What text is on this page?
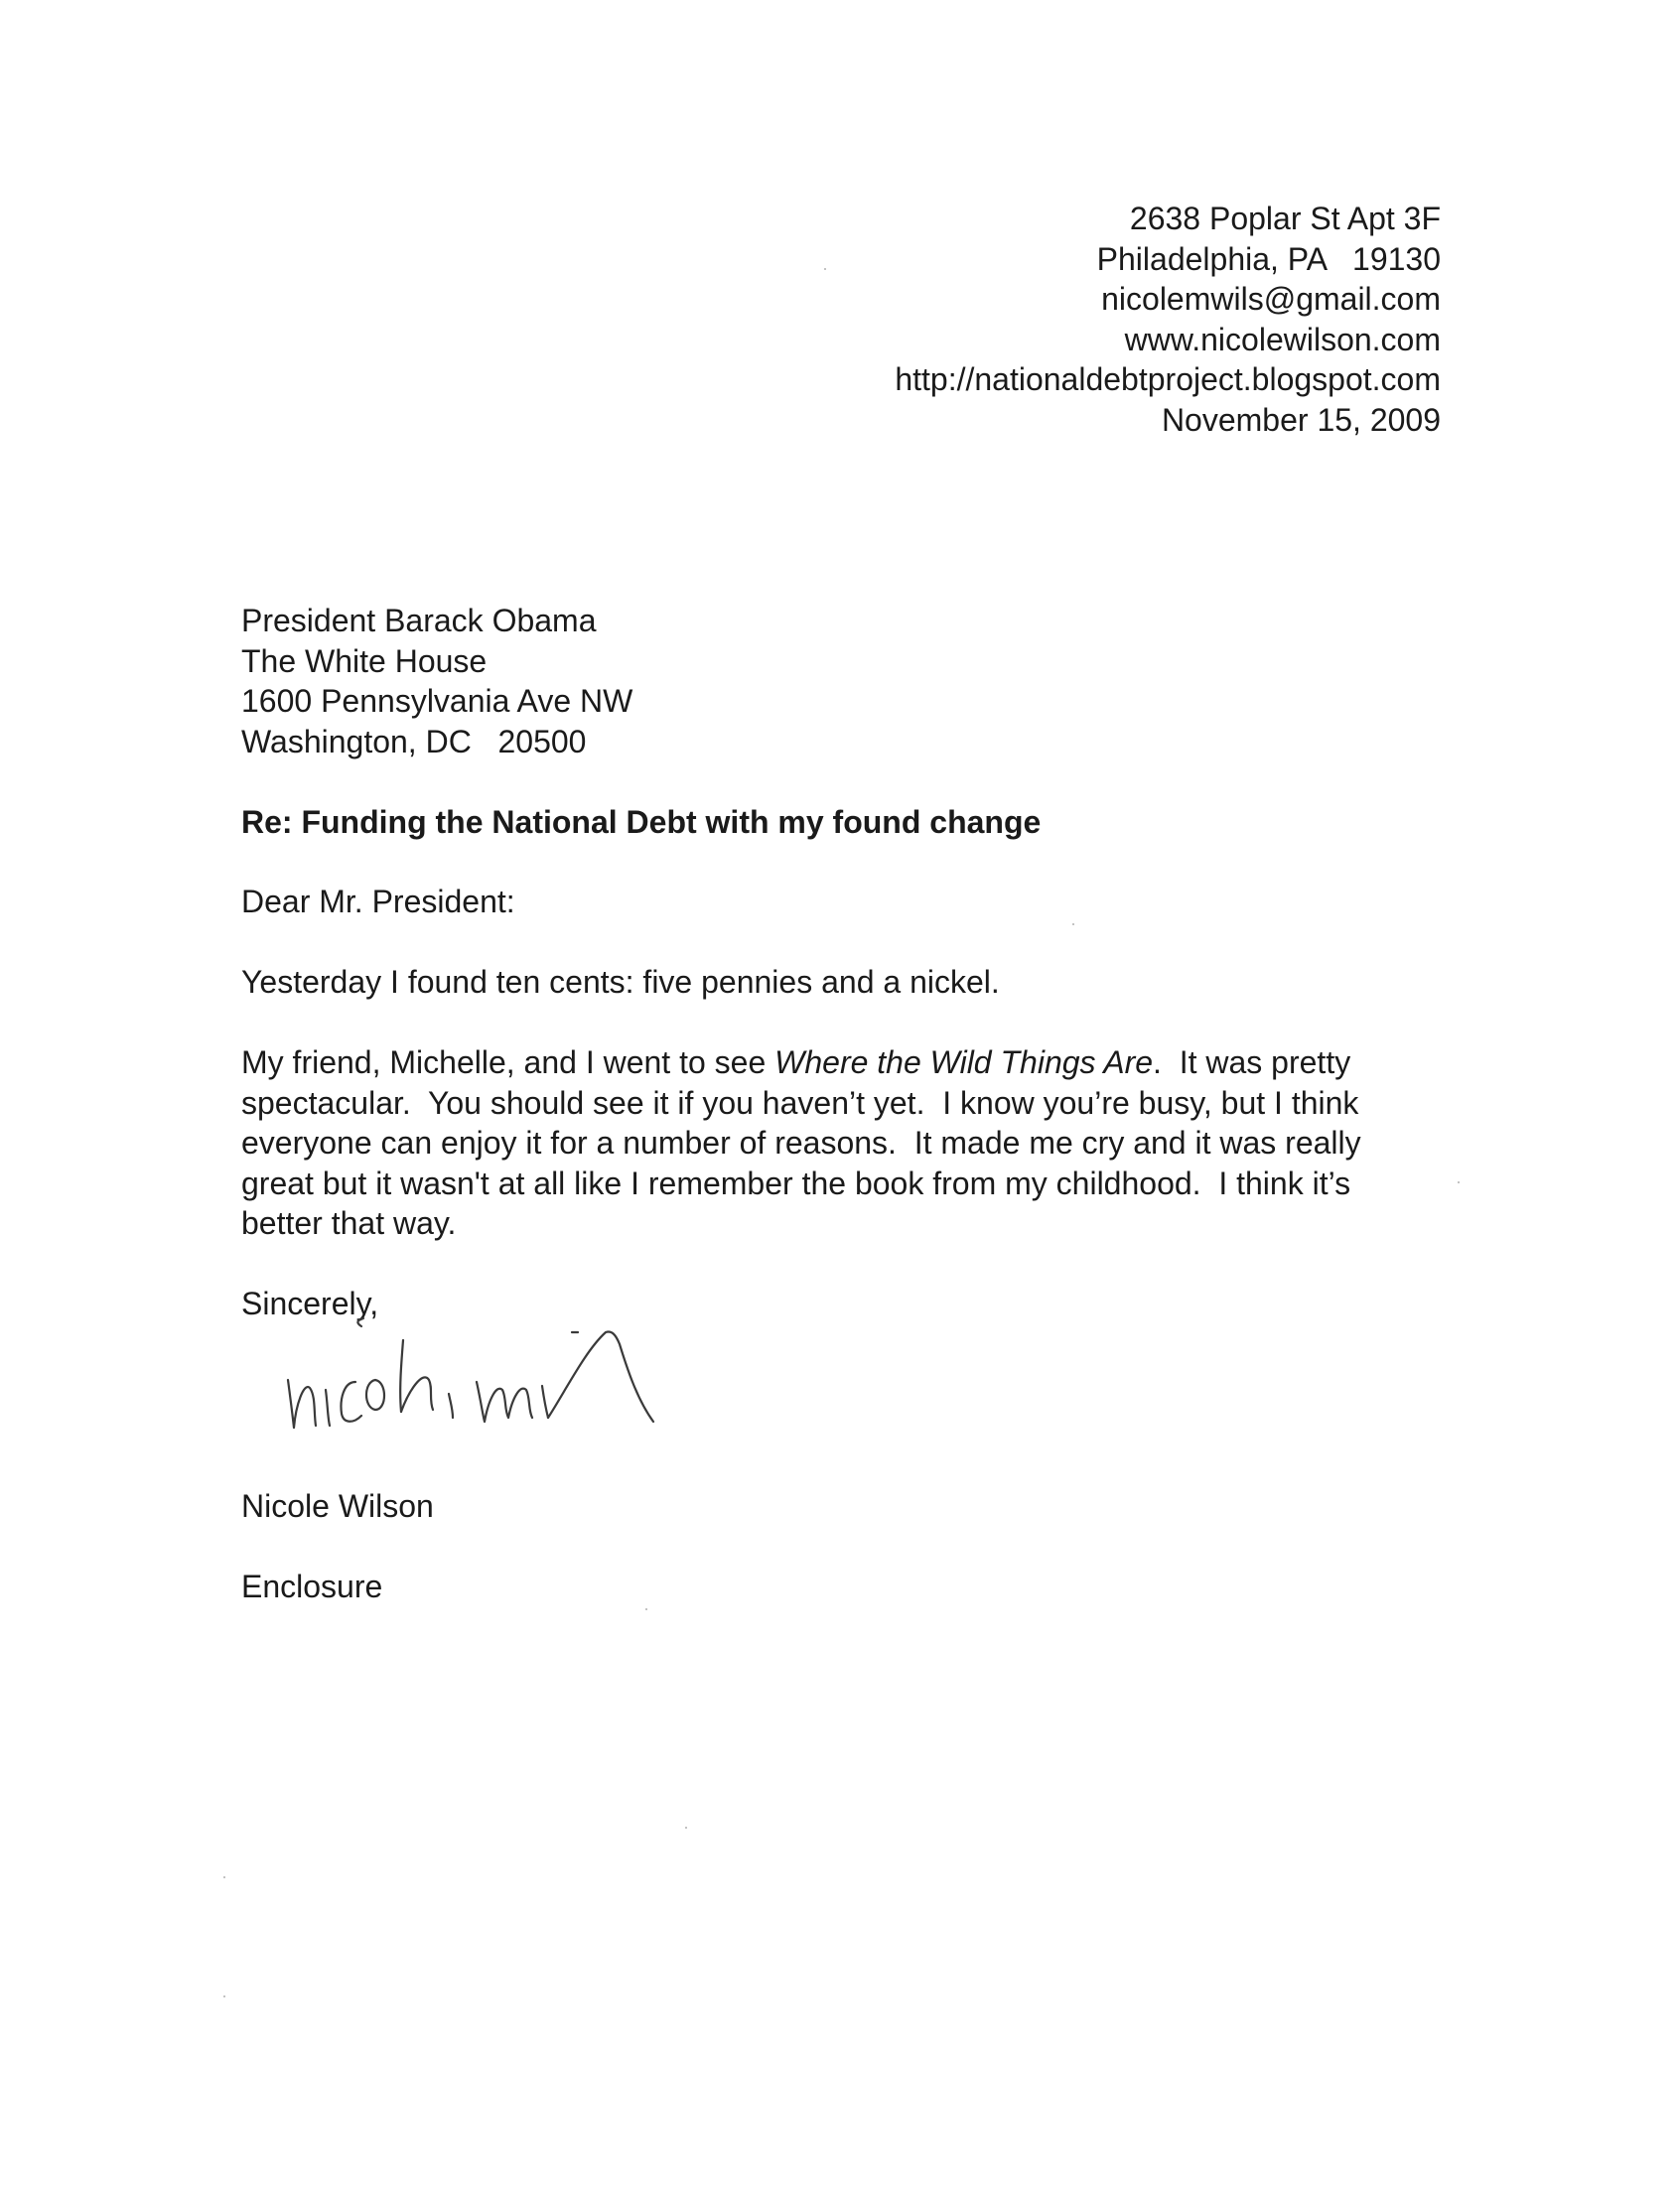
2638 Poplar St Apt 3F
Philadelphia, PA   19130
nicolemwils@gmail.com
www.nicolewilson.com
http://nationaldebtproject.blogspot.com
November 15, 2009
President Barack Obama
The White House
1600 Pennsylvania Ave NW
Washington, DC   20500
Re: Funding the National Debt with my found change
Dear Mr. President:
Yesterday I found ten cents: five pennies and a nickel.
My friend, Michelle, and I went to see Where the Wild Things Are.  It was pretty
spectacular.  You should see it if you haven’t yet.  I know you’re busy, but I think
everyone can enjoy it for a number of reasons.  It made me cry and it was really
great but it wasn't at all like I remember the book from my childhood.  I think it’s
better that way.
Sincerely,
Nicole Wilson
Enclosure
